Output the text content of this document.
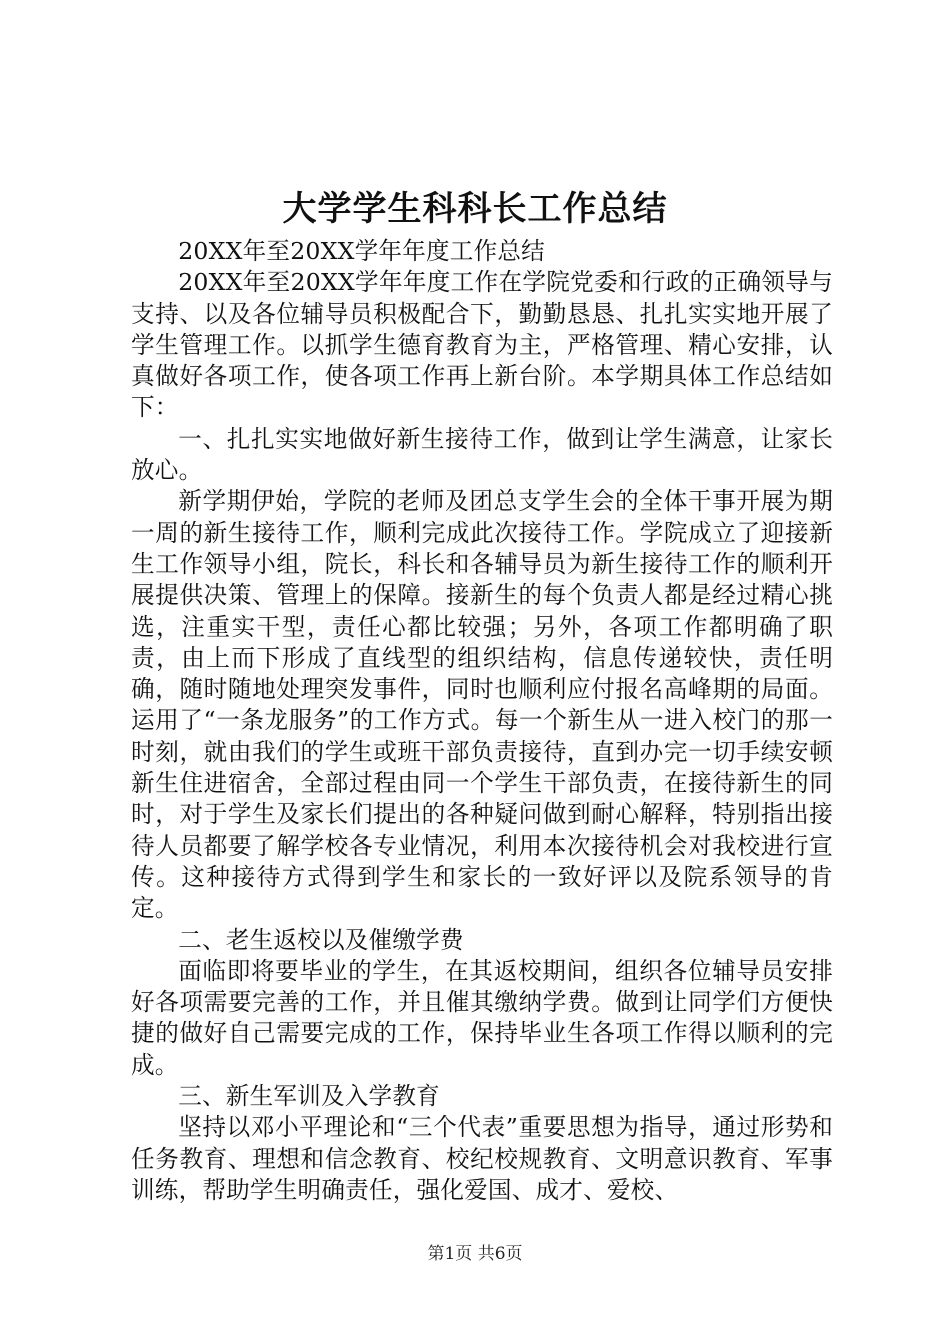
大学学生科科长工作总结

20XX年至20XX学年年度工作总结

20XX年至20XX学年年度工作在学院党委和行政的正确领导与支持、以及各位辅导员积极配合下，勤勤恳恳、扎扎实实地开展了学生管理工作。以抓学生德育教育为主，严格管理、精心安排，认真做好各项工作，使各项工作再上新台阶。本学期具体工作总结如下：

一、扎扎实实地做好新生接待工作，做到让学生满意，让家长放心。

新学期伊始，学院的老师及团总支学生会的全体干事开展为期一周的新生接待工作，顺利完成此次接待工作。学院成立了迎接新生工作领导小组，院长，科长和各辅导员为新生接待工作的顺利开展提供决策、管理上的保障。接新生的每个负责人都是经过精心挑选，注重实干型，责任心都比较强；另外，各项工作都明确了职责，由上而下形成了直线型的组织结构，信息传递较快，责任明确，随时随地处理突发事件，同时也顺利应付报名高峰期的局面。运用了“一条龙服务”的工作方式。每一个新生从一进入校门的那一时刻，就由我们的学生或班干部负责接待，直到办完一切手续安顿新生住进宿舍，全部过程由同一个学生干部负责，在接待新生的同时，对于学生及家长们提出的各种疑问做到耐心解释，特别指出接待人员都要了解学校各专业情况，利用本次接待机会对我校进行宣传。这种接待方式得到学生和家长的一致好评以及院系领导的肯定。

二、老生返校以及催缴学费

面临即将要毕业的学生，在其返校期间，组织各位辅导员安排好各项需要完善的工作，并且催其缴纳学费。做到让同学们方便快捷的做好自己需要完成的工作，保持毕业生各项工作得以顺利的完成。

三、新生军训及入学教育

坚持以邓小平理论和“三个代表”重要思想为指导，通过形势和任务教育、理想和信念教育、校纪校规教育、文明意识教育、军事训练，帮助学生明确责任，强化爱国、成才、爱校、

第1页 共6页
